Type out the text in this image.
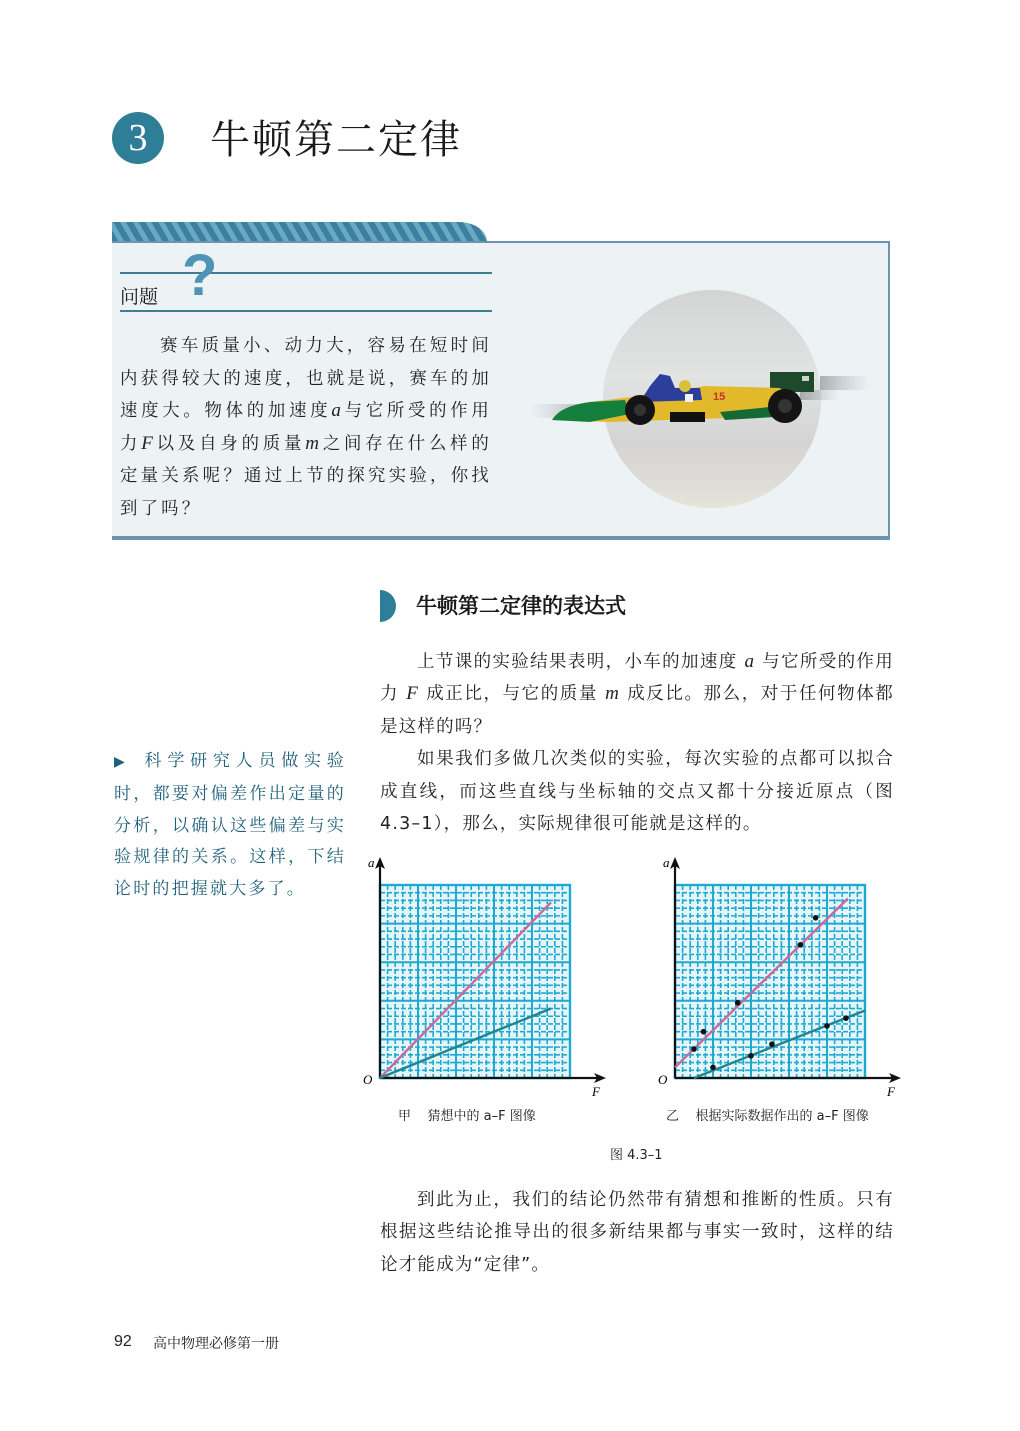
3	牛顿第二定律
?
问题
赛车质量小、动力大，容易在短时间内获得较大的速度，也就是说，赛车的加速度大。物体的加速度a与它所受的作用力F以及自身的质量m之间存在什么样的定量关系呢？通过上节的探究实验，你找到了吗？
15
牛顿第二定律的表达式

上节课的实验结果表明，小车的加速度 a 与它所受的作用力 F 成正比，与它的质量 m 成反比。那么，对于任何物体都是这样的吗？

如果我们多做几次类似的实验，每次实验的点都可以拟合成直线，而这些直线与坐标轴的交点又都十分接近原点（图 4.3–1），那么，实际规律很可能就是这样的。

▶ 科学研究人员做实验时，都要对偏差作出定量的分析，以确认这些偏差与实验规律的关系。这样，下结论时的把握就大多了。
a
F
O
a
F
O
甲 猜想中的 a–F 图像	乙 根据实际数据作出的 a–F 图像
图 4.3–1

到此为止，我们的结论仍然带有猜想和推断的性质。只有根据这些结论推导出的很多新结果都与事实一致时，这样的结论才能成为“定律”。

92 高中物理必修第一册
